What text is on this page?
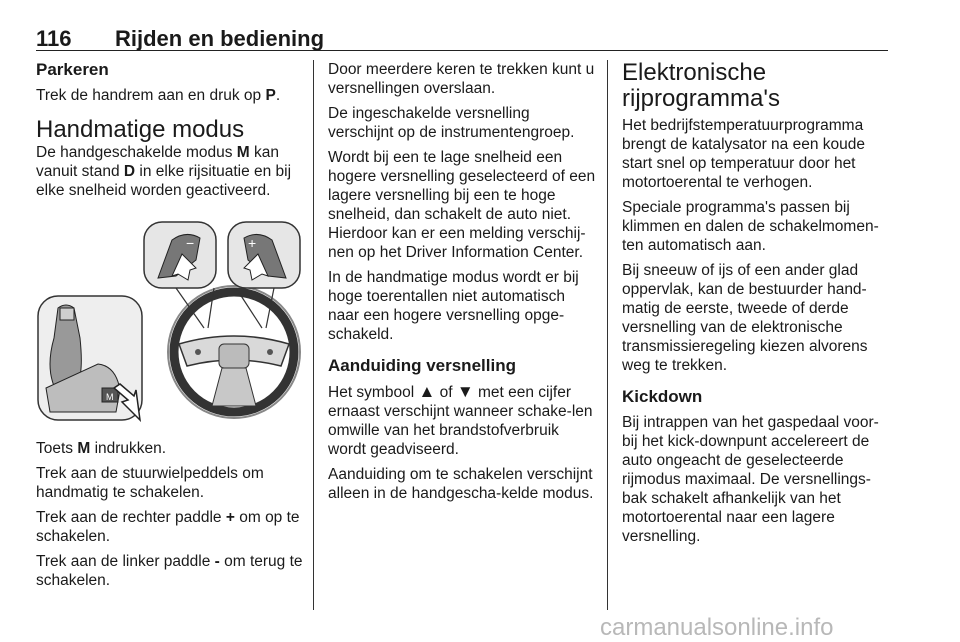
116 Rijden en bediening
Parkeren

Trek de handrem aan en druk op P.

Handmatige modus

De handgeschakelde modus M kan vanuit stand D in elke rijsituatie en bij elke snelheid worden geactiveerd.

−	+
M

Toets M indrukken.

Trek aan de stuurwielpeddels om handmatig te schakelen.

Trek aan de rechter paddle + om op te schakelen.

Trek aan de linker paddle - om terug te schakelen.

Door meerdere keren te trekken kunt u versnellingen overslaan.

De ingeschakelde versnelling verschijnt op de instrumentengroep.

Wordt bij een te lage snelheid een hogere versnelling geselecteerd of een lagere versnelling bij een te hoge snelheid, dan schakelt de auto niet. Hierdoor kan er een melding verschij-nen op het Driver Information Center.

In de handmatige modus wordt er bij hoge toerentallen niet automatisch naar een hogere versnelling opge-schakeld.

Aanduiding versnelling

Het symbool ▲ of ▼ met een cijfer ernaast verschijnt wanneer schake-len omwille van het brandstofverbruik wordt geadviseerd.

Aanduiding om te schakelen verschijnt alleen in de handgescha-kelde modus.

Elektronische
rijprogramma's

Het bedrijfstemperatuurprogramma brengt de katalysator na een koude start snel op temperatuur door het motortoerental te verhogen.

Speciale programma's passen bij klimmen en dalen de schakelmomen-ten automatisch aan.

Bij sneeuw of ijs of een ander glad oppervlak, kan de bestuurder hand-matig de eerste, tweede of derde versnelling van de elektronische transmissieregeling kiezen alvorens weg te trekken.

Kickdown

Bij intrappen van het gaspedaal voor-bij het kick-downpunt accelereert de auto ongeacht de geselecteerde rijmodus maximaal. De versnellings-bak schakelt afhankelijk van het motortoerental naar een lagere versnelling.

carmanualsonline.info
